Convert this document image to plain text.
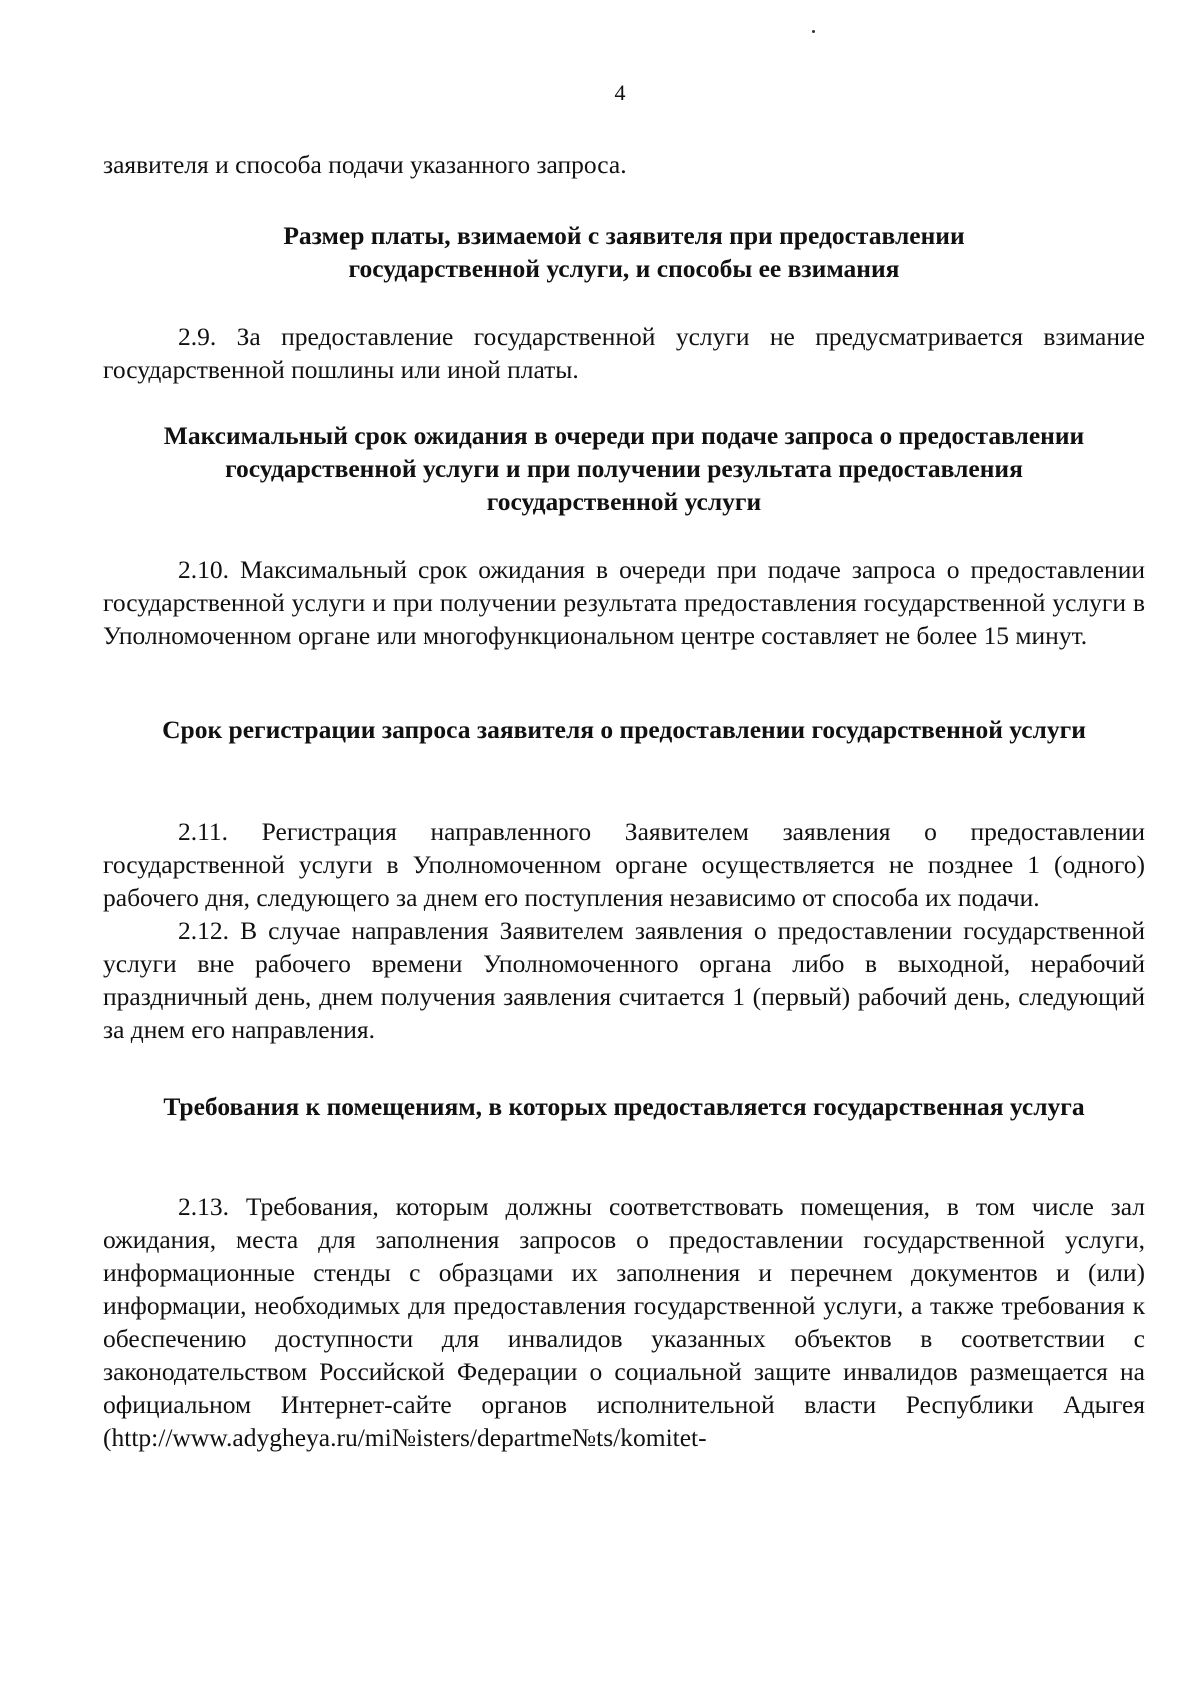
4

заявителя и способа подачи указанного запроса.

Размер платы, взимаемой с заявителя при предоставлении государственной услуги, и способы ее взимания

2.9. За предоставление государственной услуги не предусматривается взимание государственной пошлины или иной платы.

Максимальный срок ожидания в очереди при подаче запроса о предоставлении государственной услуги и при получении результата предоставления государственной услуги

2.10. Максимальный срок ожидания в очереди при подаче запроса о предоставлении государственной услуги и при получении результата предоставления государственной услуги в Уполномоченном органе или многофункциональном центре составляет не более 15 минут.

Срок регистрации запроса заявителя о предоставлении государственной услуги

2.11. Регистрация направленного Заявителем заявления о предоставлении государственной услуги в Уполномоченном органе осуществляется не позднее 1 (одного) рабочего дня, следующего за днем его поступления независимо от способа их подачи.

2.12. В случае направления Заявителем заявления о предоставлении государственной услуги вне рабочего времени Уполномоченного органа либо в выходной, нерабочий праздничный день, днем получения заявления считается 1 (первый) рабочий день, следующий за днем его направления.

Требования к помещениям, в которых предоставляется государственная услуга

2.13. Требования, которым должны соответствовать помещения, в том числе зал ожидания, места для заполнения запросов о предоставлении государственной услуги, информационные стенды с образцами их заполнения и перечнем документов и (или) информации, необходимых для предоставления государственной услуги, а также требования к обеспечению доступности для инвалидов указанных объектов в соответствии с законодательством Российской Федерации о социальной защите инвалидов размещается на официальном Интернет-сайте органов исполнительной власти Республики Адыгея (http://www.adygheya.ru/mi№isters/departme№ts/komitet-
